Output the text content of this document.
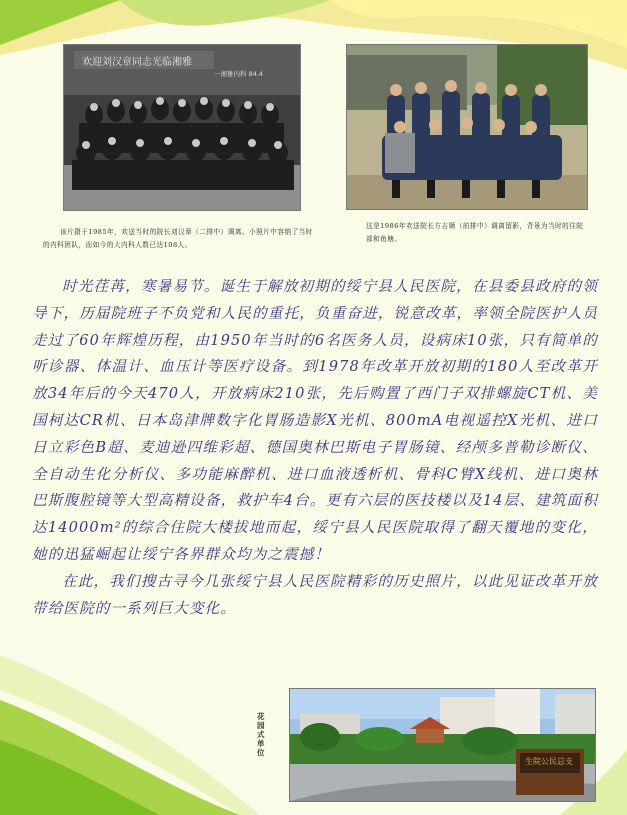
欢迎刘汉章同志光临湘雅
一湘雅内科 84.4
该片摄于1985年，欢送当时的院长刘汉章（二排中）调离。小照片中容纳了当时的内科团队，而如今的大内科人数已达108人。
这是1986年欢送院长方吉顺（前排中）调离留影，背景为当时的住院部和鱼塘。

时光荏苒，寒暑易节。诞生于解放初期的绥宁县人民医院，在县委县政府的领导下，历届院班子不负党和人民的重托，负重奋进，锐意改革，率领全院医护人员走过了60年辉煌历程，由1950年当时的6名医务人员，设病床10张，只有简单的听诊器、体温计、血压计等医疗设备。到1978年改革开放初期的180人至改革开放34年后的今天470人，开放病床210张，先后购置了西门子双排螺旋CT机、美国柯达CR机、日本岛津牌数字化胃肠造影X光机、800mA电视遥控X光机、进口日立彩色B超、麦迪逊四维彩超、德国奥林巴斯电子胃肠镜、经颅多普勒诊断仪、全自动生化分析仪、多功能麻醉机、进口血液透析机、骨科C臂X线机、进口奥林巴斯腹腔镜等大型高精设备，救护车4台。更有六层的医技楼以及14层、建筑面积达14000m²的综合住院大楼拔地而起，绥宁县人民医院取得了翻天覆地的变化，她的迅猛崛起让绥宁各界群众均为之震撼！

在此，我们搜古寻今几张绥宁县人民医院精彩的历史照片，以此见证改革开放带给医院的一系列巨大变化。

花园式单位
生院公民总支
